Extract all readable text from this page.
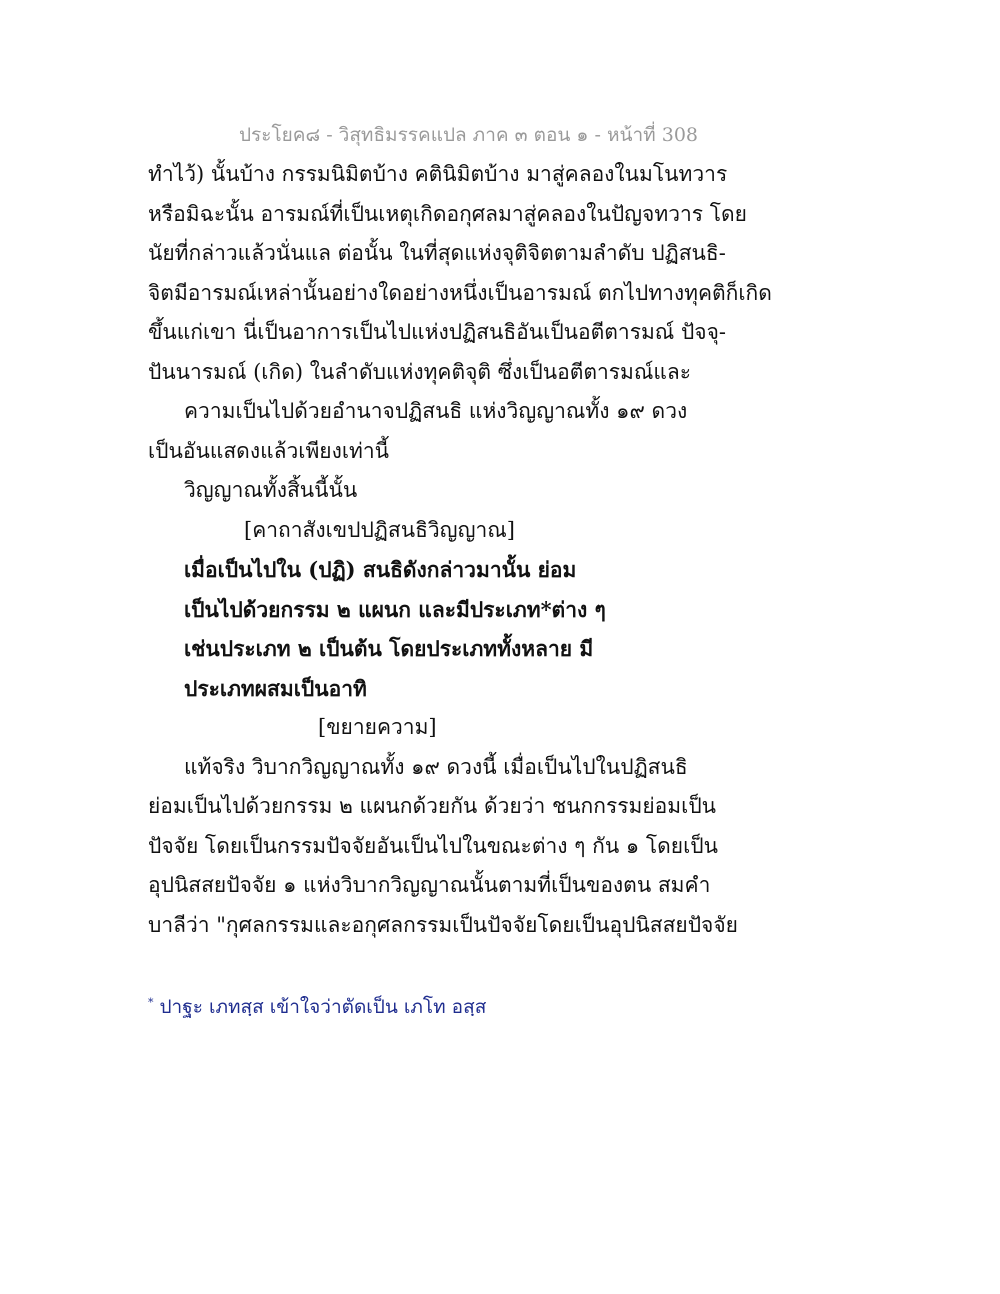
ประโยค๘ - วิสุทธิมรรคแปล ภาค ๓ ตอน ๑ - หน้าที่ 308
ทำไว้) นั้นบ้าง กรรมนิมิตบ้าง คตินิมิตบ้าง มาสู่คลองในมโนทวาร
หรือมิฉะนั้น อารมณ์ที่เป็นเหตุเกิดอกุศลมาสู่คลองในปัญจทวาร โดย
นัยที่กล่าวแล้วนั่นแล ต่อนั้น ในที่สุดแห่งจุติจิตตามลำดับ ปฏิสนธิ-
จิตมีอารมณ์เหล่านั้นอย่างใดอย่างหนึ่งเป็นอารมณ์ ตกไปทางทุคติก็เกิด
ขึ้นแก่เขา นี่เป็นอาการเป็นไปแห่งปฏิสนธิอันเป็นอตีตารมณ์ ปัจจุ-
ปันนารมณ์ (เกิด) ในลำดับแห่งทุคติจุติ ซึ่งเป็นอตีตารมณ์และ
ความเป็นไปด้วยอำนาจปฏิสนธิ แห่งวิญญาณทั้ง ๑๙ ดวง
เป็นอันแสดงแล้วเพียงเท่านี้
วิญญาณทั้งสิ้นนี้นั้น
[คาถาสังเขปปฏิสนธิวิญญาณ]
เมื่อเป็นไปใน (ปฏิ) สนธิดังกล่าวมานั้น ย่อม
เป็นไปด้วยกรรม ๒ แผนก และมีประเภท*ต่าง ๆ
เช่นประเภท ๒ เป็นต้น โดยประเภททั้งหลาย มี
ประเภทผสมเป็นอาทิ
[ขยายความ]
แท้จริง วิบากวิญญาณทั้ง ๑๙ ดวงนี้ เมื่อเป็นไปในปฏิสนธิ
ย่อมเป็นไปด้วยกรรม ๒ แผนกด้วยกัน ด้วยว่า ชนกกรรมย่อมเป็น
ปัจจัย โดยเป็นกรรมปัจจัยอันเป็นไปในขณะต่าง ๆ กัน ๑ โดยเป็น
อุปนิสสยปัจจัย ๑ แห่งวิบากวิญญาณนั้นตามที่เป็นของตน สมคำ
บาลีว่า "กุศลกรรมและอกุศลกรรมเป็นปัจจัยโดยเป็นอุปนิสสยปัจจัย
* ปาฐะ เภทสฺส เข้าใจว่าตัดเป็น เภโท อสฺส
